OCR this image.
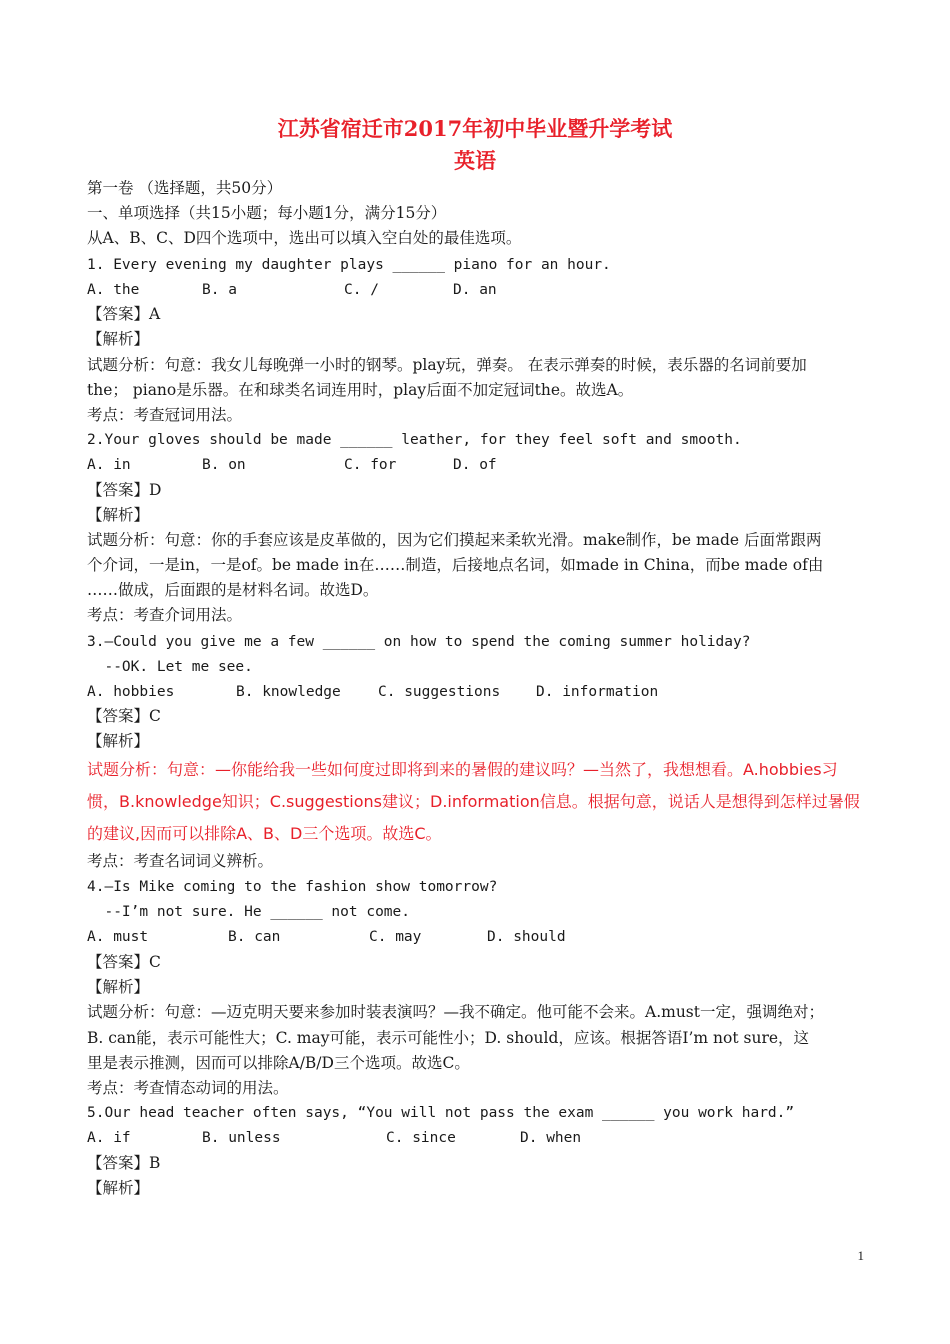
江苏省宿迁市2017年初中毕业暨升学考试
英语
第一卷 （选择题，共50分）
一、单项选择（共15小题；每小题1分，满分15分）
从A、B、C、D四个选项中，选出可以填入空白处的最佳选项。
1. Every evening my daughter plays ______ piano for an hour.
A. the	B. a	C. /	D. an
【答案】A
【解析】
试题分析：句意：我女儿每晚弹一小时的钢琴。play玩，弹奏。 在表示弹奏的时候，表乐器的名词前要加
the； piano是乐器。在和球类名词连用时，play后面不加定冠词the。故选A。
考点：考查冠词用法。
2.Your gloves should be made ______ leather, for they feel soft and smooth.
A. in	B. on	C. for	D. of
【答案】D
【解析】
试题分析：句意：你的手套应该是皮革做的，因为它们摸起来柔软光滑。make制作，be made 后面常跟两
个介词，一是in，一是of。be made in在……制造，后接地点名词，如made in China，而be made of由
……做成，后面跟的是材料名词。故选D。
考点：考查介词用法。
3.–Could you give me a few ______ on how to spend the coming summer holiday?
--OK. Let me see.
A. hobbies	B. knowledge	C. suggestions D. information
【答案】C
【解析】
试题分析：句意：—你能给我一些如何度过即将到来的暑假的建议吗？—当然了，我想想看。A.hobbies习
惯，B.knowledge知识；C.suggestions建议；D.information信息。根据句意，说话人是想得到怎样过暑假
的建议,因而可以排除A、B、D三个选项。故选C。
考点：考查名词词义辨析。
4.–Is Mike coming to the fashion show tomorrow?
--I’m not sure. He ______ not come.
A. must	B. can	C. may	D. should
【答案】C
【解析】
试题分析：句意：—迈克明天要来参加时装表演吗？—我不确定。他可能不会来。A.must一定，强调绝对；
B. can能，表示可能性大；C. may可能，表示可能性小；D. should，应该。根据答语I’m not sure，这
里是表示推测，因而可以排除A/B/D三个选项。故选C。
考点：考查情态动词的用法。
5.Our head teacher often says, “You will not pass the exam ______ you work hard.”
A. if	B. unless	C. since	D. when
【答案】B
【解析】
1
